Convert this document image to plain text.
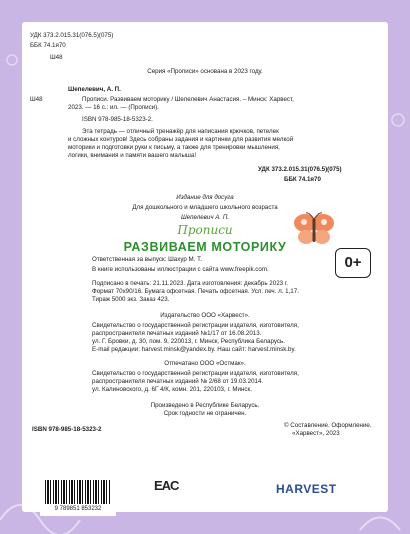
УДК 373.2.015.31(076.5)(075)
ББК 74.1я70
Ш48
Серия «Прописи» основана в 2023 году.
Шепелевич, А. П.
Ш48	Прописи. Развиваем моторику / Шепелевич Анастасия. – Минск: Харвест,
2023. — 16 с.: ил. — (Прописи).
ISBN 978-985-18-5323-2.
Эта тетрадь — отличный тренажёр для написания крючков, петелек
и сложных контуров! Здесь собраны задания и картинки для развития мелкой
моторики и подготовки руки к письму, а также для тренировки мышления,
логики, внимания и памяти вашего малыша!
УДК 373.2.015.31(076.5)(075)
ББК 74.1я70
Издание для досуга
Для дошкольного и младшего школьного возраста
Шепелевич А. П.
Прописи
РАЗВИВАЕМ МОТОРИКУ
0+
Ответственная за выпуск: Шахур М. Т.
В книге использованы иллюстрации с сайта www.freepik.com.
Подписано в печать: 21.11.2023. Дата изготовления: декабрь 2023 г.
Формат 70x90/16. Бумага офсетная. Печать офсетная. Усл. печ. л. 1,17.
Тираж 5000 экз. Заказ 423.
Издательство ООО «Харвест».
Свидетельство о государственной регистрации издателя, изготовителя,
распространителя печатных изданий №1/17 от 16.08.2013.
ул. Г. Бровки, д. 30, пом. 9, 220013, г. Минск, Республика Беларусь.
E-mail редакции: harvest.minsk@yandex.by. Наш сайт: harvest.minsk.by.
Отпечатано ООО «Остмак».
Свидетельство о государственной регистрации издателя, изготовителя,
распространителя печатных изданий № 2/68 от 19.03.2014.
ул. Калиновского, д. 6Г 4/К, комн. 201, 220103, г. Минск.
Произведено в Республике Беларусь.
Срок годности не ограничен.
ISBN 978-985-18-5323-2
© Составление. Оформление.
«Харвест», 2023
9 789851 853232
EAC	HARVEST
